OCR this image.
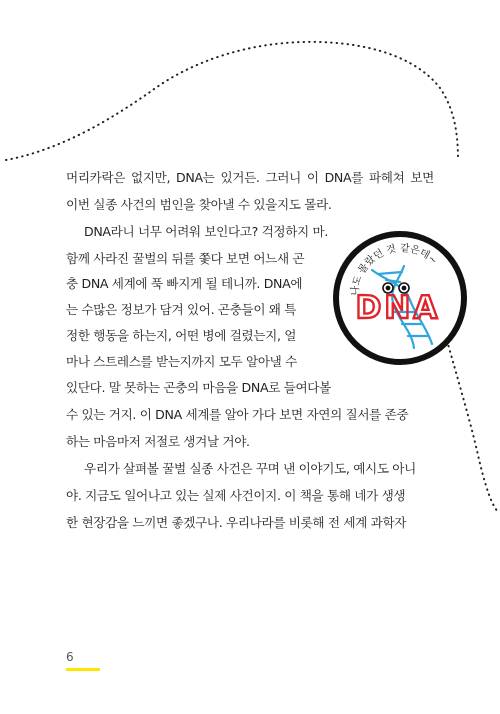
머리카락은 없지만, DNA는 있거든. 그러니 이 DNA를 파헤쳐 보면
이번 실종 사건의 범인을 찾아낼 수 있을지도 몰라.
DNA라니 너무 어려워 보인다고? 걱정하지 마.
함께 사라진 꿀벌의 뒤를 쫓다 보면 어느새 곤
충 DNA 세계에 푹 빠지게 될 테니까. DNA에
는 수많은 정보가 담겨 있어. 곤충들이 왜 특
정한 행동을 하는지, 어떤 병에 걸렸는지, 얼
마나 스트레스를 받는지까지 모두 알아낼 수
있단다. 말 못하는 곤충의 마음을 DNA로 들여다볼
수 있는 거지. 이 DNA 세계를 알아 가다 보면 자연의 질서를 존중
하는 마음마저 저절로 생겨날 거야.
우리가 살펴볼 꿀벌 실종 사건은 꾸며 낸 이야기도, 예시도 아니
야. 지금도 일어나고 있는 실제 사건이지. 이 책을 통해 네가 생생
한 현장감을 느끼면 좋겠구나. 우리나라를 비롯해 전 세계 과학자
나도 몰랐던 것 같은데~
DNA
6
